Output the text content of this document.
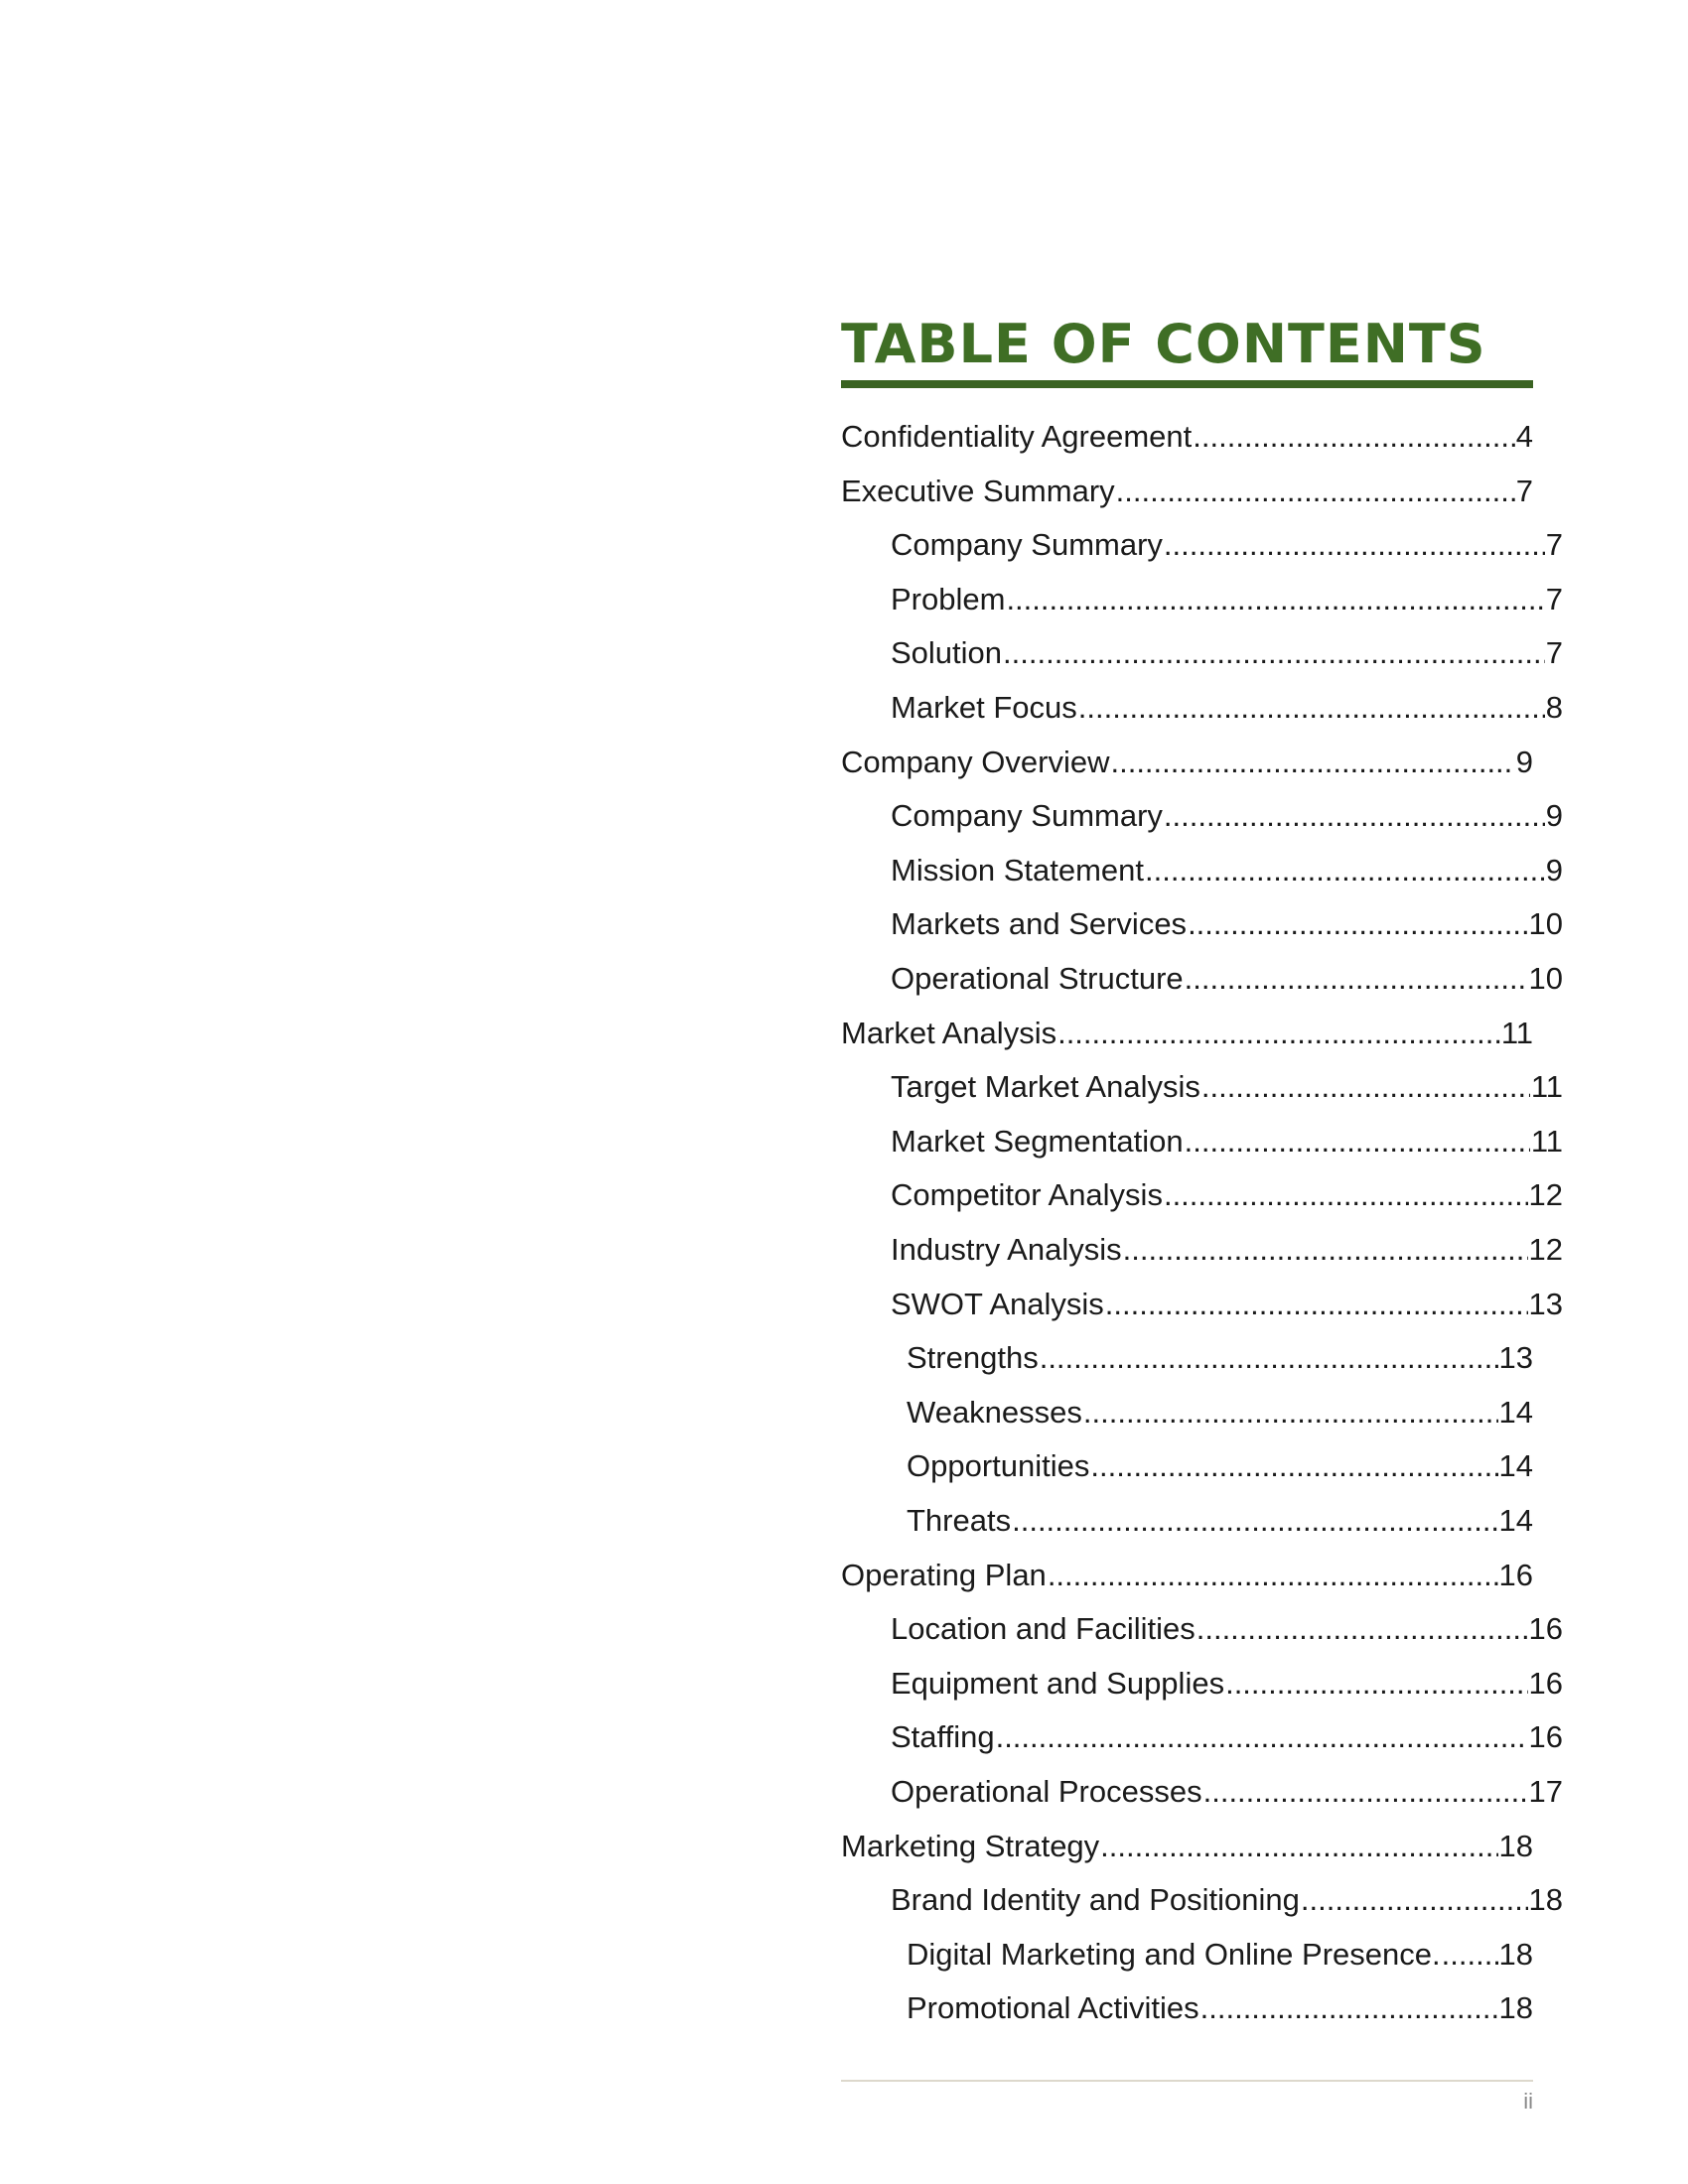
TABLE OF CONTENTS
Confidentiality Agreement .....	4
Executive Summary .....	7
Company Summary .....	7
Problem .....	7
Solution .....	7
Market Focus .....	8
Company Overview .....	9
Company Summary .....	9
Mission Statement .....	9
Markets and Services .....	10
Operational Structure .....	10
Market Analysis .....	11
Target Market Analysis .....	11
Market Segmentation .....	11
Competitor Analysis .....	12
Industry Analysis .....	12
SWOT Analysis .....	13
Strengths .....	13
Weaknesses .....	14
Opportunities .....	14
Threats .....	14
Operating Plan .....	16
Location and Facilities .....	16
Equipment and Supplies .....	16
Staffing .....	16
Operational Processes .....	17
Marketing Strategy .....	18
Brand Identity and Positioning .....	18
Digital Marketing and Online Presence. ..... 18
Promotional Activities .....	18
ii
